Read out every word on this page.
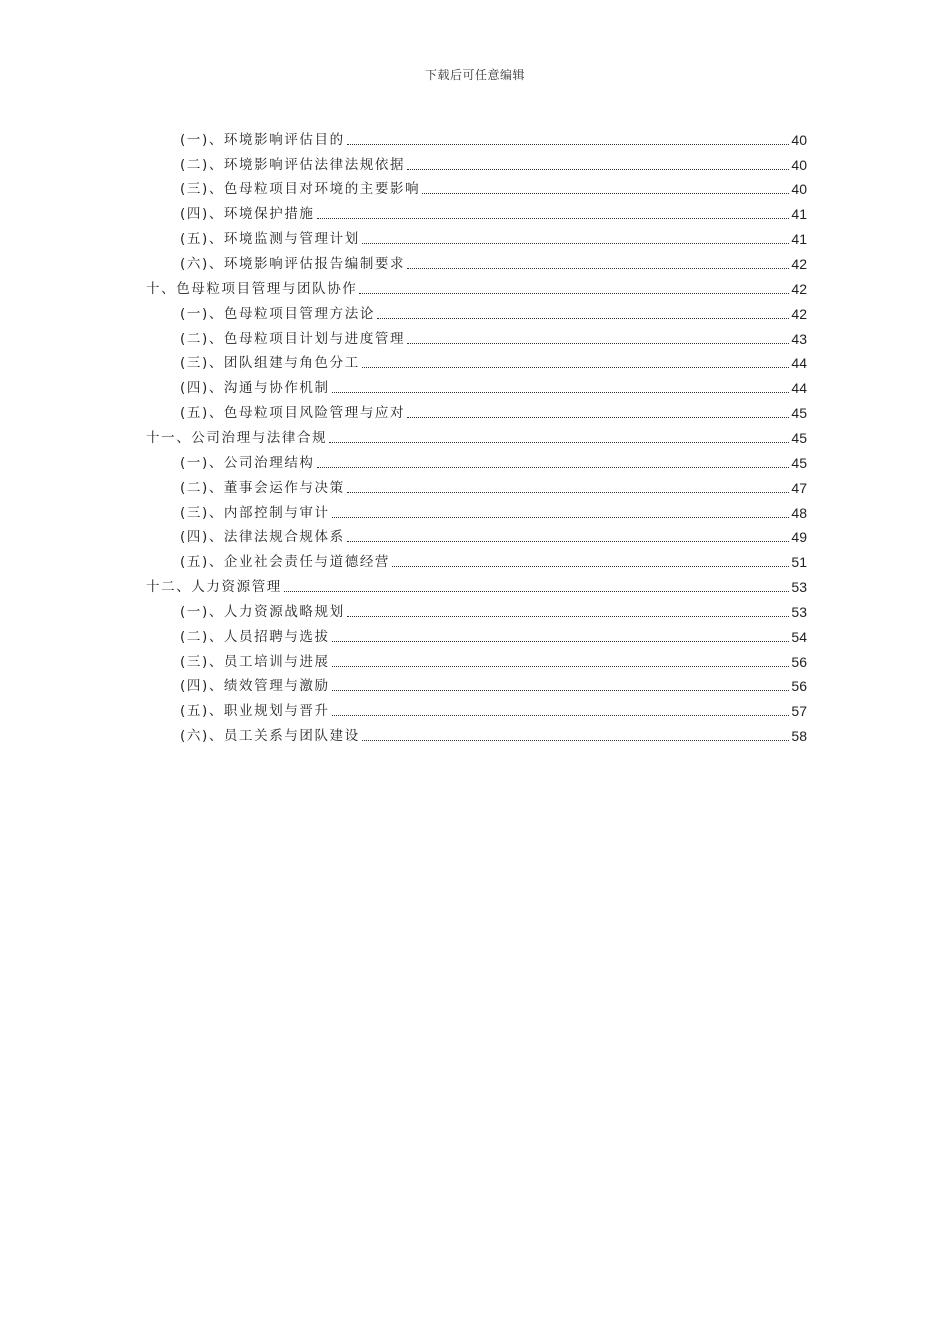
下载后可任意编辑
(一)、环境影响评估目的	40
(二)、环境影响评估法律法规依据	40
(三)、色母粒项目对环境的主要影响	40
(四)、环境保护措施	41
(五)、环境监测与管理计划	41
(六)、环境影响评估报告编制要求	42
十、色母粒项目管理与团队协作	42
(一)、色母粒项目管理方法论	42
(二)、色母粒项目计划与进度管理	43
(三)、团队组建与角色分工	44
(四)、沟通与协作机制	44
(五)、色母粒项目风险管理与应对	45
十一、公司治理与法律合规	45
(一)、公司治理结构	45
(二)、董事会运作与决策	47
(三)、内部控制与审计	48
(四)、法律法规合规体系	49
(五)、企业社会责任与道德经营	51
十二、人力资源管理	53
(一)、人力资源战略规划	53
(二)、人员招聘与选拔	54
(三)、员工培训与进展	56
(四)、绩效管理与激励	56
(五)、职业规划与晋升	57
(六)、员工关系与团队建设	58
